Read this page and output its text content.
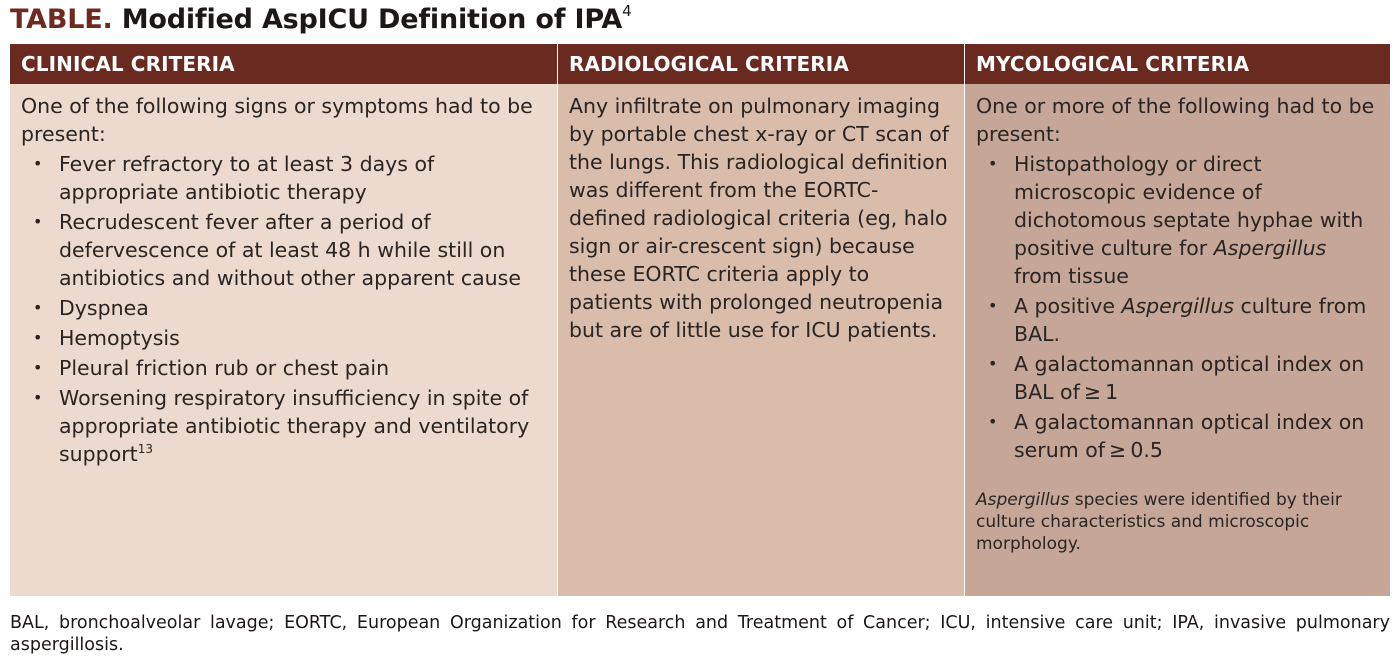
TABLE. Modified AspICU Definition of IPA$^4$
CLINICAL CRITERIA	RADIOLOGICAL CRITERIA	MYCOLOGICAL CRITERIA

One of the following signs or symptoms had to be present:

• Fever refractory to at least 3 days of appropriate antibiotic therapy
• Recrudescent fever after a period of defervescence of at least 48 h while still on antibiotics and without other apparent cause
• Dyspnea
• Hemoptysis
• Pleural friction rub or chest pain
• Worsening respiratory insufficiency in spite of appropriate antibiotic therapy and ventilatory support$^{13}$

Any infiltrate on pulmonary imaging by portable chest x-ray or CT scan of the lungs. This radiological definition was different from the EORTC-defined radiological criteria (eg, halo sign or air-crescent sign) because these EORTC criteria apply to patients with prolonged neutropenia but are of little use for ICU patients.

One or more of the following had to be present:

• Histopathology or direct microscopic evidence of dichotomous septate hyphae with positive culture for Aspergillus from tissue
• A positive Aspergillus culture from BAL.
• A galactomannan optical index on BAL of ≥ 1
• A galactomannan optical index on serum of ≥ 0.5
Aspergillus species were identified by their culture characteristics and microscopic morphology.
BAL, bronchoalveolar lavage; EORTC, European Organization for Research and Treatment of Cancer; ICU, intensive care unit; IPA, invasive pulmonary aspergillosis.
